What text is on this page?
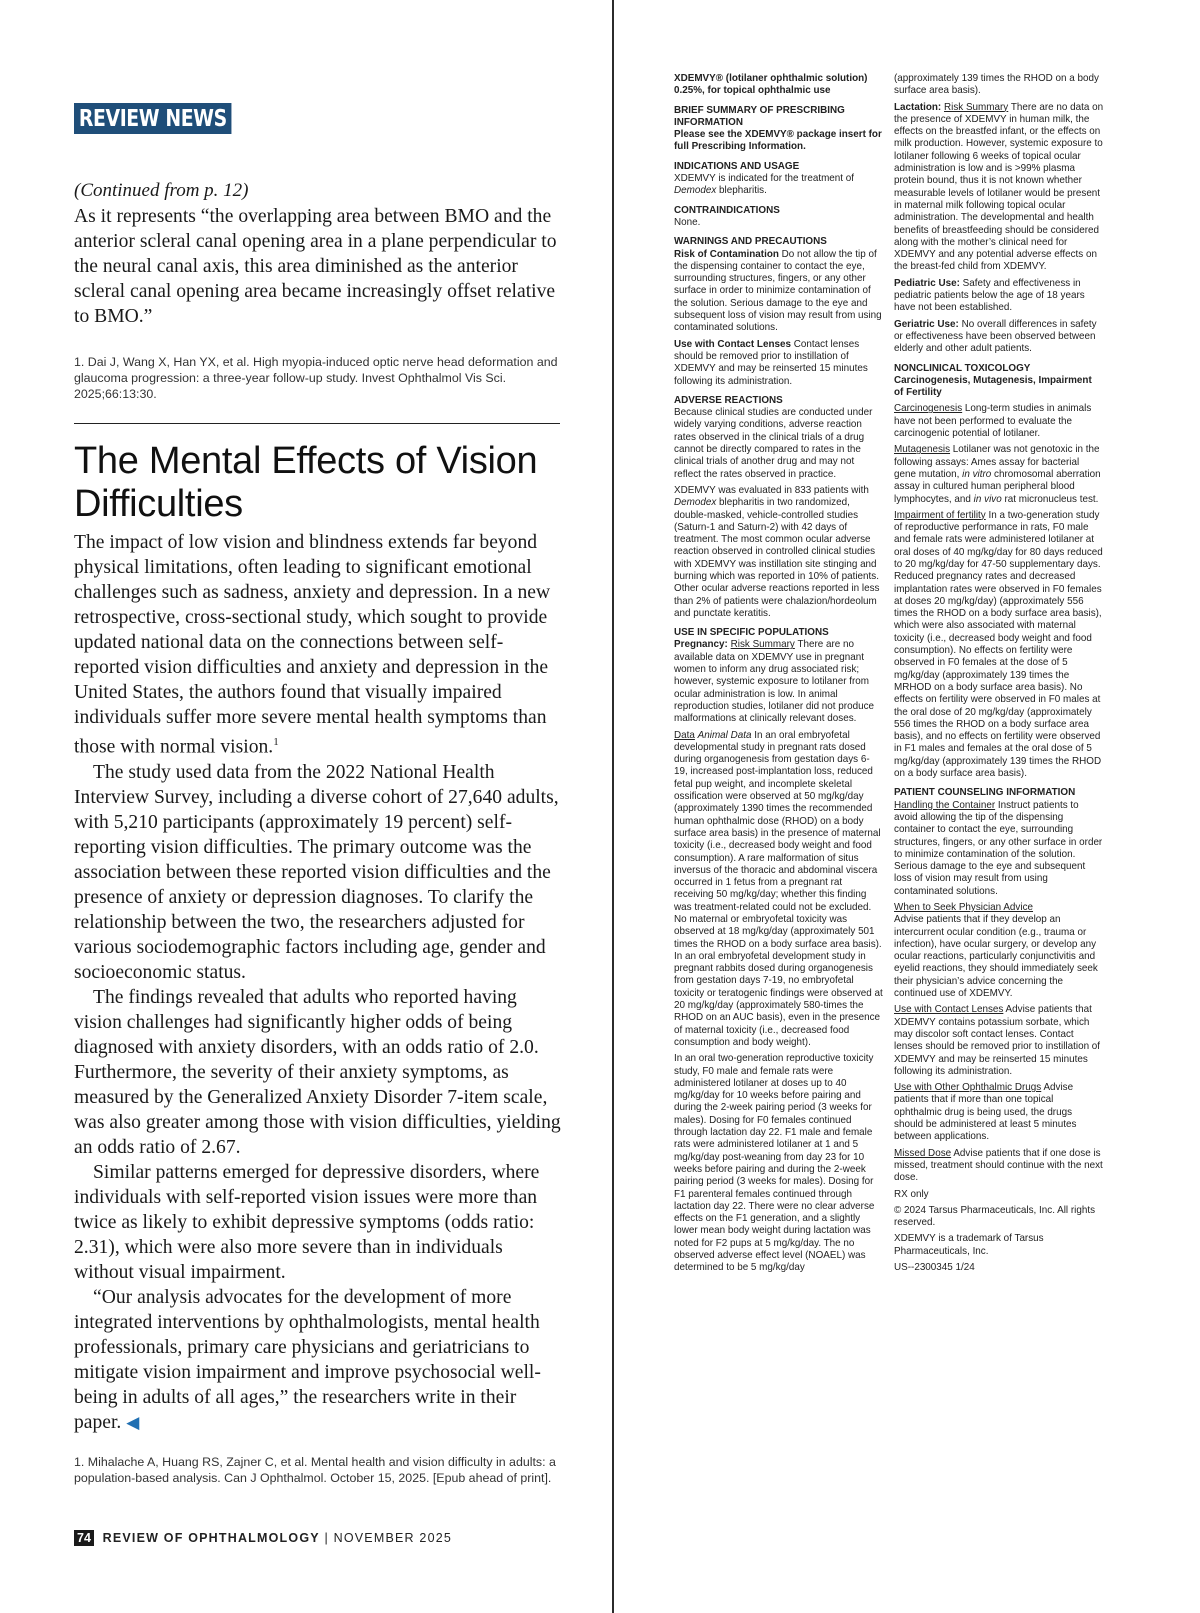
REVIEW NEWS

(Continued from p. 12)

As it represents “the overlapping area between BMO and the anterior scleral canal opening area in a plane perpendicular to the neural canal axis, this area diminished as the anterior scleral canal opening area became increasingly offset relative to BMO.”

1. Dai J, Wang X, Han YX, et al. High myopia-induced optic nerve head deformation and glaucoma progression: a three-year follow-up study. Invest Ophthalmol Vis Sci. 2025;66:13:30.

The Mental Effects of Vision Difficulties

The impact of low vision and blindness extends far beyond physical limitations, often leading to significant emotional challenges such as sadness, anxiety and depression. In a new retrospective, cross-sectional study, which sought to provide updated national data on the connections between self-reported vision difficulties and anxiety and depression in the United States, the authors found that visually impaired individuals suffer more severe mental health symptoms than those with normal vision.$^1$

The study used data from the 2022 National Health Interview Survey, including a diverse cohort of 27,640 adults, with 5,210 participants (approximately 19 percent) self-reporting vision difficulties. The primary outcome was the association between these reported vision difficulties and the presence of anxiety or depression diagnoses. To clarify the relationship between the two, the researchers adjusted for various sociodemographic factors including age, gender and socioeconomic status.

The findings revealed that adults who reported having vision challenges had significantly higher odds of being diagnosed with anxiety disorders, with an odds ratio of 2.0. Furthermore, the severity of their anxiety symptoms, as measured by the Generalized Anxiety Disorder 7-item scale, was also greater among those with vision difficulties, yielding an odds ratio of 2.67.

Similar patterns emerged for depressive disorders, where individuals with self-reported vision issues were more than twice as likely to exhibit depressive symptoms (odds ratio: 2.31), which were also more severe than in individuals without visual impairment.

“Our analysis advocates for the development of more integrated interventions by ophthalmologists, mental health professionals, primary care physicians and geriatricians to mitigate vision impairment and improve psychosocial well-being in adults of all ages,” the researchers write in their paper. ◀

1. Mihalache A, Huang RS, Zajner C, et al. Mental health and vision difficulty in adults: a population-based analysis. Can J Ophthalmol. October 15, 2025. [Epub ahead of print].

74 REVIEW OF OPHTHALMOLOGY | NOVEMBER 2025

XDEMVY® (lotilaner ophthalmic solution) 0.25%, for topical ophthalmic use

BRIEF SUMMARY OF PRESCRIBING INFORMATION

Please see the XDEMVY® package insert for full Prescribing Information.

INDICATIONS AND USAGE

XDEMVY is indicated for the treatment of Demodex blepharitis.

CONTRAINDICATIONS

None.

WARNINGS AND PRECAUTIONS

Risk of Contamination Do not allow the tip of the dispensing container to contact the eye, surrounding structures, fingers, or any other surface in order to minimize contamination of the solution. Serious damage to the eye and subsequent loss of vision may result from using contaminated solutions.

Use with Contact Lenses Contact lenses should be removed prior to instillation of XDEMVY and may be reinserted 15 minutes following its administration.

ADVERSE REACTIONS

Because clinical studies are conducted under widely varying conditions, adverse reaction rates observed in the clinical trials of a drug cannot be directly compared to rates in the clinical trials of another drug and may not reflect the rates observed in practice.

XDEMVY was evaluated in 833 patients with Demodex blepharitis in two randomized, double-masked, vehicle-controlled studies (Saturn-1 and Saturn-2) with 42 days of treatment. The most common ocular adverse reaction observed in controlled clinical studies with XDEMVY was instillation site stinging and burning which was reported in 10% of patients. Other ocular adverse reactions reported in less than 2% of patients were chalazion/hordeolum and punctate keratitis.

USE IN SPECIFIC POPULATIONS

Pregnancy: Risk Summary There are no available data on XDEMVY use in pregnant women to inform any drug associated risk; however, systemic exposure to lotilaner from ocular administration is low. In animal reproduction studies, lotilaner did not produce malformations at clinically relevant doses.

Data Animal Data In an oral embryofetal developmental study in pregnant rats dosed during organogenesis from gestation days 6-19, increased post-implantation loss, reduced fetal pup weight, and incomplete skeletal ossification were observed at 50 mg/kg/day (approximately 1390 times the recommended human ophthalmic dose (RHOD) on a body surface area basis) in the presence of maternal toxicity (i.e., decreased body weight and food consumption). A rare malformation of situs inversus of the thoracic and abdominal viscera occurred in 1 fetus from a pregnant rat receiving 50 mg/kg/day; whether this finding was treatment-related could not be excluded. No maternal or embryofetal toxicity was observed at 18 mg/kg/day (approximately 501 times the RHOD on a body surface area basis). In an oral embryofetal development study in pregnant rabbits dosed during organogenesis from gestation days 7-19, no embryofetal toxicity or teratogenic findings were observed at 20 mg/kg/day (approximately 580-times the RHOD on an AUC basis), even in the presence of maternal toxicity (i.e., decreased food consumption and body weight).

In an oral two-generation reproductive toxicity study, F0 male and female rats were administered lotilaner at doses up to 40 mg/kg/day for 10 weeks before pairing and during the 2-week pairing period (3 weeks for males). Dosing for F0 females continued through lactation day 22. F1 male and female rats were administered lotilaner at 1 and 5 mg/kg/day post-weaning from day 23 for 10 weeks before pairing and during the 2-week pairing period (3 weeks for males). Dosing for F1 parenteral females continued through lactation day 22. There were no clear adverse effects on the F1 generation, and a slightly lower mean body weight during lactation was noted for F2 pups at 5 mg/kg/day. The no observed adverse effect level (NOAEL) was determined to be 5 mg/kg/day

(approximately 139 times the RHOD on a body surface area basis).

Lactation: Risk Summary There are no data on the presence of XDEMVY in human milk, the effects on the breastfed infant, or the effects on milk production. However, systemic exposure to lotilaner following 6 weeks of topical ocular administration is low and is >99% plasma protein bound, thus it is not known whether measurable levels of lotilaner would be present in maternal milk following topical ocular administration. The developmental and health benefits of breastfeeding should be considered along with the mother’s clinical need for XDEMVY and any potential adverse effects on the breast-fed child from XDEMVY.

Pediatric Use: Safety and effectiveness in pediatric patients below the age of 18 years have not been established.

Geriatric Use: No overall differences in safety or effectiveness have been observed between elderly and other adult patients.

NONCLINICAL TOXICOLOGY

Carcinogenesis, Mutagenesis, Impairment of Fertility

Carcinogenesis Long-term studies in animals have not been performed to evaluate the carcinogenic potential of lotilaner.

Mutagenesis Lotilaner was not genotoxic in the following assays: Ames assay for bacterial gene mutation, in vitro chromosomal aberration assay in cultured human peripheral blood lymphocytes, and in vivo rat micronucleus test.

Impairment of fertility In a two-generation study of reproductive performance in rats, F0 male and female rats were administered lotilaner at oral doses of 40 mg/kg/day for 80 days reduced to 20 mg/kg/day for 47-50 supplementary days. Reduced pregnancy rates and decreased implantation rates were observed in F0 females at doses 20 mg/kg/day) (approximately 556 times the RHOD on a body surface area basis), which were also associated with maternal toxicity (i.e., decreased body weight and food consumption). No effects on fertility were observed in F0 females at the dose of 5 mg/kg/day (approximately 139 times the MRHOD on a body surface area basis). No effects on fertility were observed in F0 males at the oral dose of 20 mg/kg/day (approximately 556 times the RHOD on a body surface area basis), and no effects on fertility were observed in F1 males and females at the oral dose of 5 mg/kg/day (approximately 139 times the RHOD on a body surface area basis).

PATIENT COUNSELING INFORMATION

Handling the Container Instruct patients to avoid allowing the tip of the dispensing container to contact the eye, surrounding structures, fingers, or any other surface in order to minimize contamination of the solution. Serious damage to the eye and subsequent loss of vision may result from using contaminated solutions.

When to Seek Physician Advice
Advise patients that if they develop an intercurrent ocular condition (e.g., trauma or infection), have ocular surgery, or develop any ocular reactions, particularly conjunctivitis and eyelid reactions, they should immediately seek their physician’s advice concerning the continued use of XDEMVY.

Use with Contact Lenses Advise patients that XDEMVY contains potassium sorbate, which may discolor soft contact lenses. Contact lenses should be removed prior to instillation of XDEMVY and may be reinserted 15 minutes following its administration.

Use with Other Ophthalmic Drugs Advise patients that if more than one topical ophthalmic drug is being used, the drugs should be administered at least 5 minutes between applications.

Missed Dose Advise patients that if one dose is missed, treatment should continue with the next dose.

RX only

© 2024 Tarsus Pharmaceuticals, Inc. All rights reserved.

XDEMVY is a trademark of Tarsus Pharmaceuticals, Inc.

US--2300345 1/24
